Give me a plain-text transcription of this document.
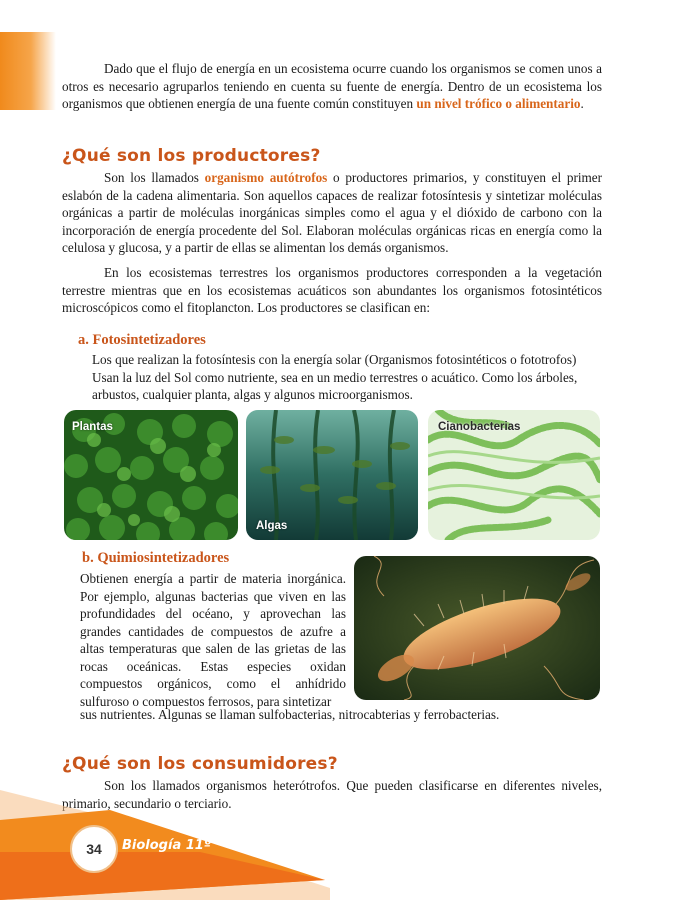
Dado que el flujo de energía en un ecosistema ocurre cuando los organismos se comen unos a otros es necesario agruparlos teniendo en cuenta su fuente de energía. Dentro de un ecosistema los organismos que obtienen energía de una fuente común constituyen un nivel trófico o alimentario.

¿Qué son los productores?

Son los llamados organismo autótrofos o productores primarios, y constituyen el primer eslabón de la cadena alimentaria. Son aquellos capaces de realizar fotosíntesis y sintetizar moléculas orgánicas a partir de moléculas inorgánicas simples como el agua y el dióxido de carbono con la incorporación de energía procedente del Sol. Elaboran moléculas orgánicas ricas en energía como la celulosa y glucosa, y a partir de ellas se alimentan los demás organismos.

En los ecosistemas terrestres los organismos productores corresponden a la vegetación terrestre mientras que en los ecosistemas acuáticos son abundantes los organismos fotosintéticos microscópicos como el fitoplancton. Los productores se clasifican en:

a. Fotosintetizadores

Los que realizan la fotosíntesis con la energía solar (Organismos fotosintéticos o fototrofos) Usan la luz del Sol como nutriente, sea en un medio terrestres o acuático. Como los árboles, arbustos, cualquier planta, algas y algunos microorganismos.

Plantas
Algas
Cianobacterias
b. Quimiosintetizadores

Obtienen energía a partir de materia inorgánica. Por ejemplo, algunas bacterias que viven en las profundidades del océano, y aprovechan las grandes cantidades de compuestos de azufre a altas temperaturas que salen de las grietas de las rocas oceánicas. Estas especies oxidan compuestos orgánicos, como el anhídrido sulfuroso o compuestos ferrosos, para sintetizar

sus nutrientes. Algunas se llaman sulfobacterias, nitrocabterias y ferrobacterias.

¿Qué son los consumidores?

Son los llamados organismos heterótrofos. Que pueden clasificarse en diferentes niveles, primario, secundario o terciario.

34	Biología 11º
